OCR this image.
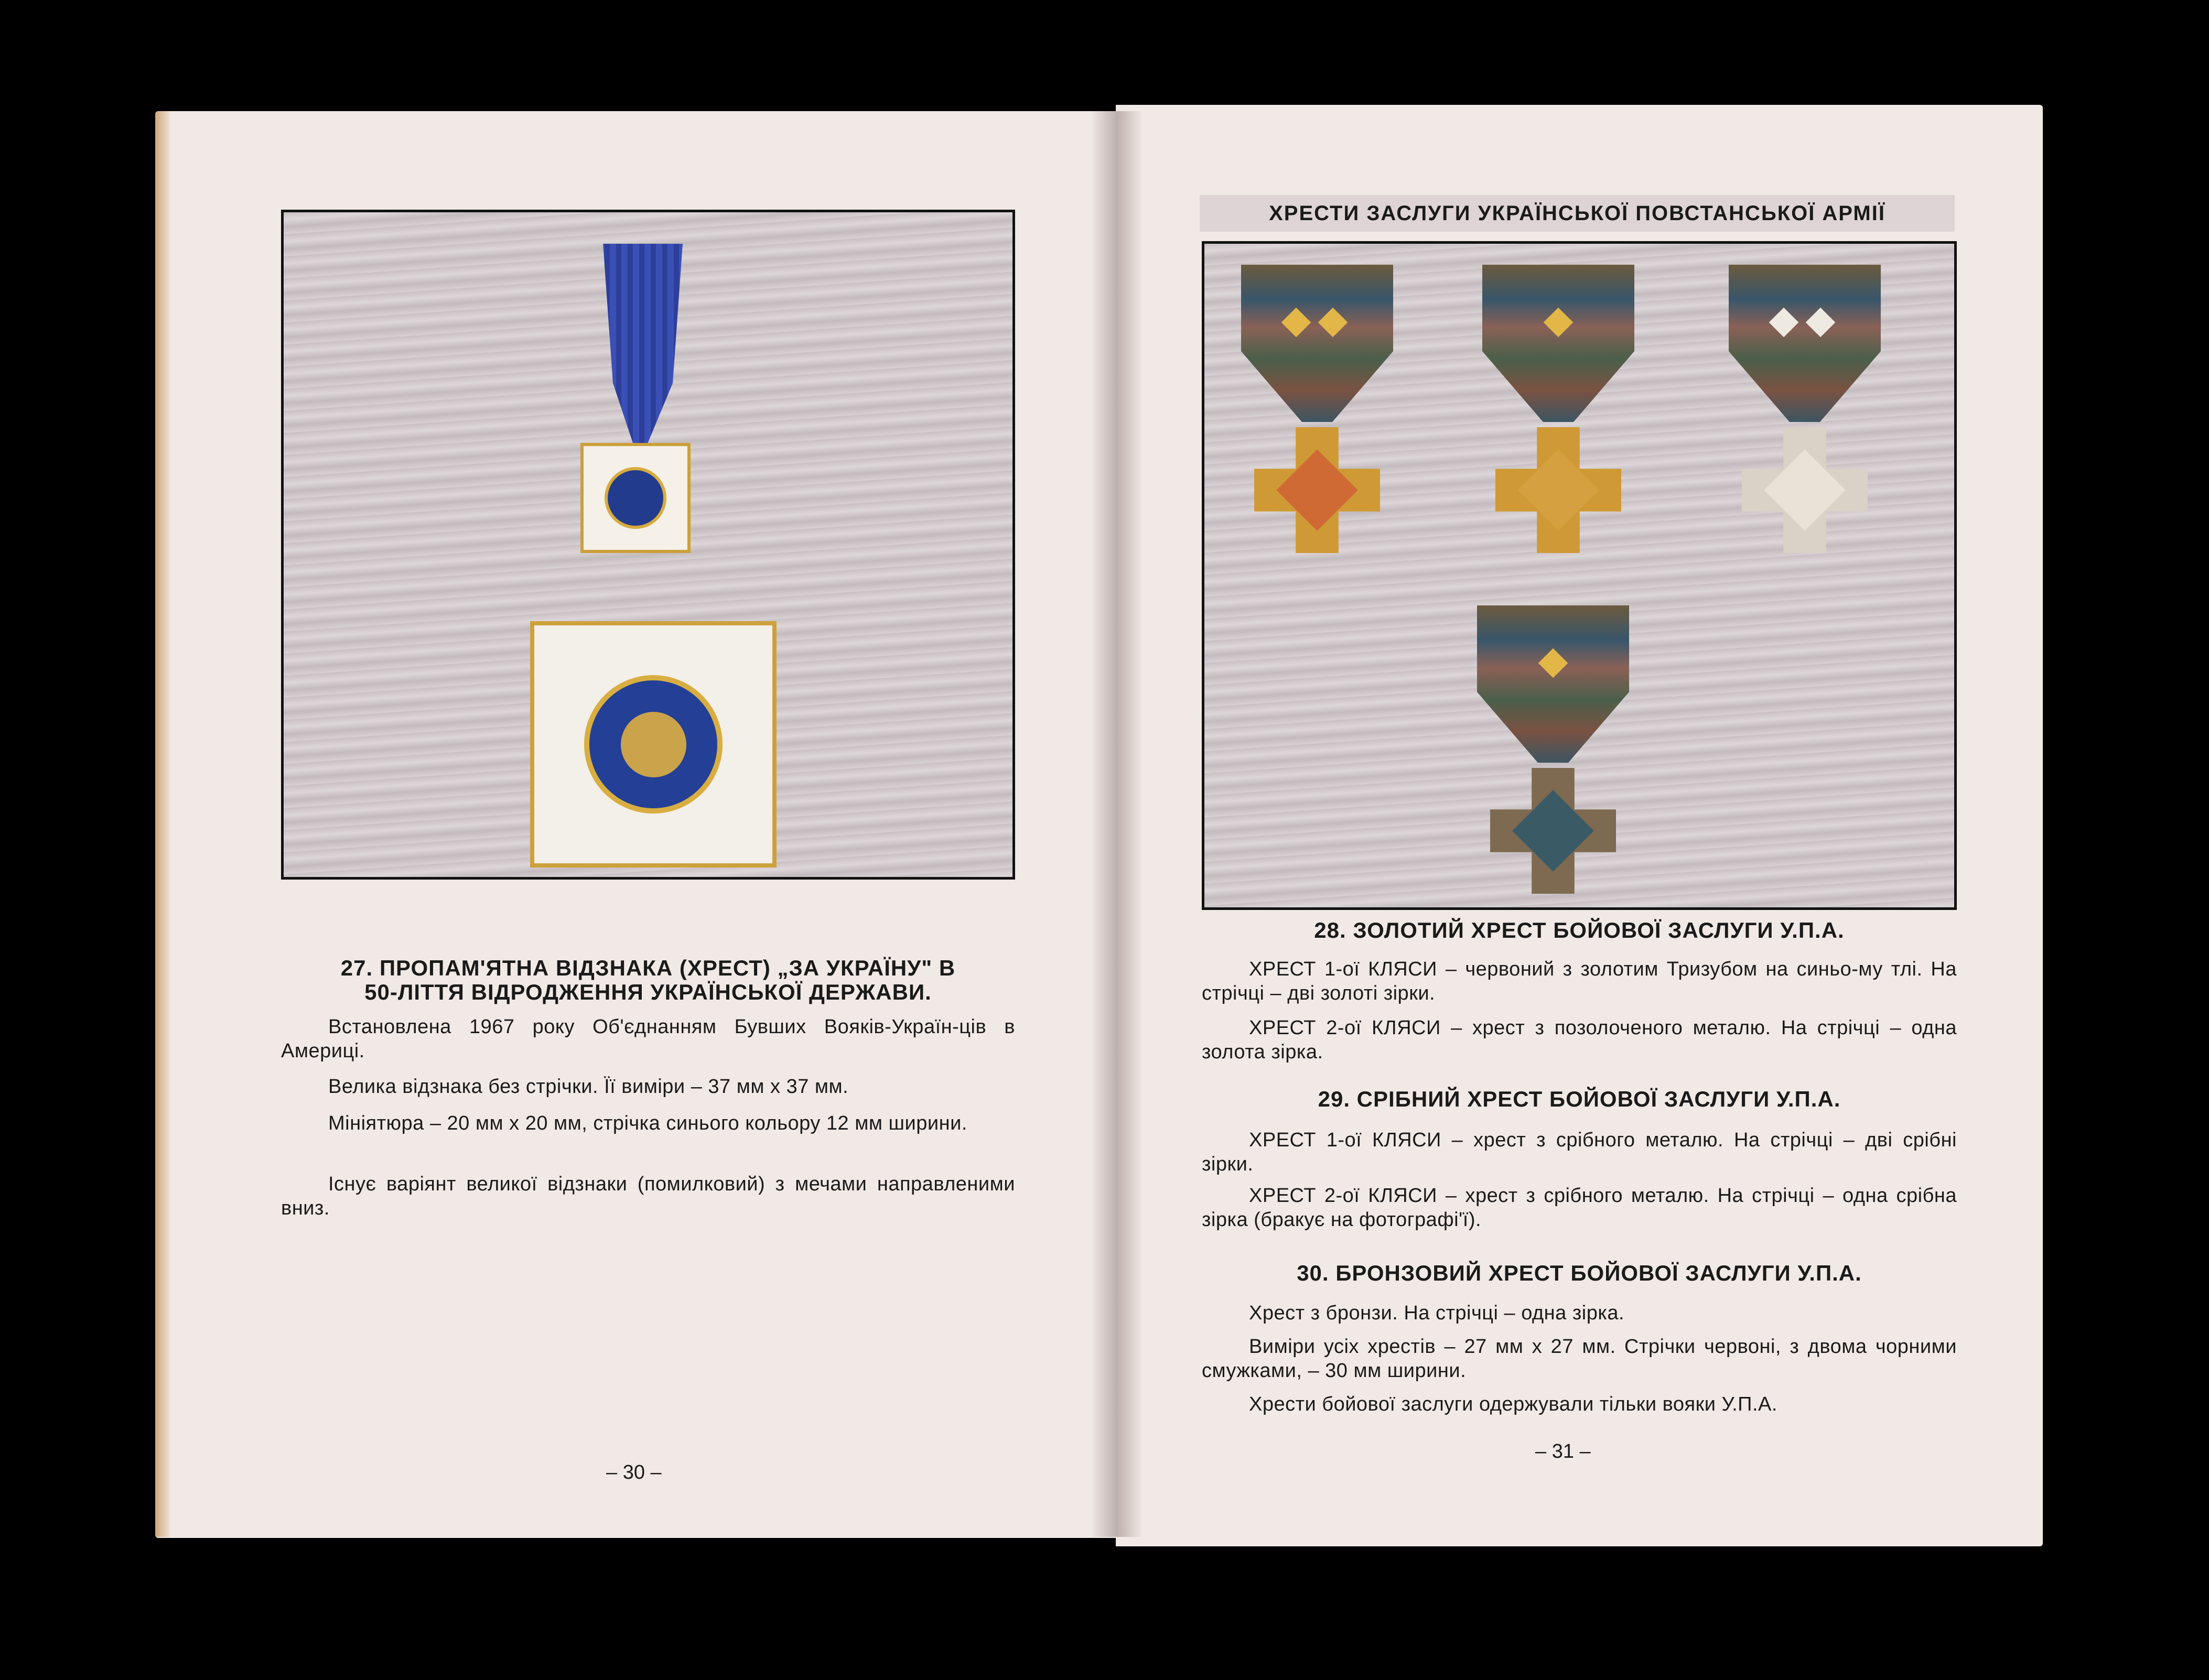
27. ПРОПАМ'ЯТНА ВІДЗНАКА (ХРЕСТ) „ЗА УКРАЇНУ" В
50-ЛІТТЯ ВІДРОДЖЕННЯ УКРАЇНСЬКОЇ ДЕРЖАВИ.
Встановлена 1967 року Об'єднанням Бувших Вояків-Україн-ців в Америці.
Велика відзнака без стрічки. Її виміри – 37 мм х 37 мм.
Мініятюра – 20 мм х 20 мм, стрічка синього кольору 12 мм ширини.
Існує варіянт великої відзнаки (помилковий) з мечами направленими вниз.
– 30 –
ХРЕСТИ ЗАСЛУГИ УКРАЇНСЬКОЇ ПОВСТАНСЬКОЇ АРМІЇ
28. ЗОЛОТИЙ ХРЕСТ БОЙОВОЇ ЗАСЛУГИ У.П.А.
ХРЕСТ 1-ої КЛЯСИ – червоний з золотим Тризубом на синьо-му тлі. На стрічці – дві золоті зірки.
ХРЕСТ 2-ої КЛЯСИ – хрест з позолоченого металю. На стрічці – одна золота зірка.
29. СРІБНИЙ ХРЕСТ БОЙОВОЇ ЗАСЛУГИ У.П.А.
ХРЕСТ 1-ої КЛЯСИ – хрест з срібного металю. На стрічці – дві срібні зірки.
ХРЕСТ 2-ої КЛЯСИ – хрест з срібного металю. На стрічці – одна срібна зірка (бракує на фотографі'ї).
30. БРОНЗОВИЙ ХРЕСТ БОЙОВОЇ ЗАСЛУГИ У.П.А.
Хрест з бронзи. На стрічці – одна зірка.
Виміри усіх хрестів – 27 мм х 27 мм. Стрічки червоні, з двома чорними смужками, – 30 мм ширини.
Хрести бойової заслуги одержували тільки вояки У.П.А.
– 31 –
